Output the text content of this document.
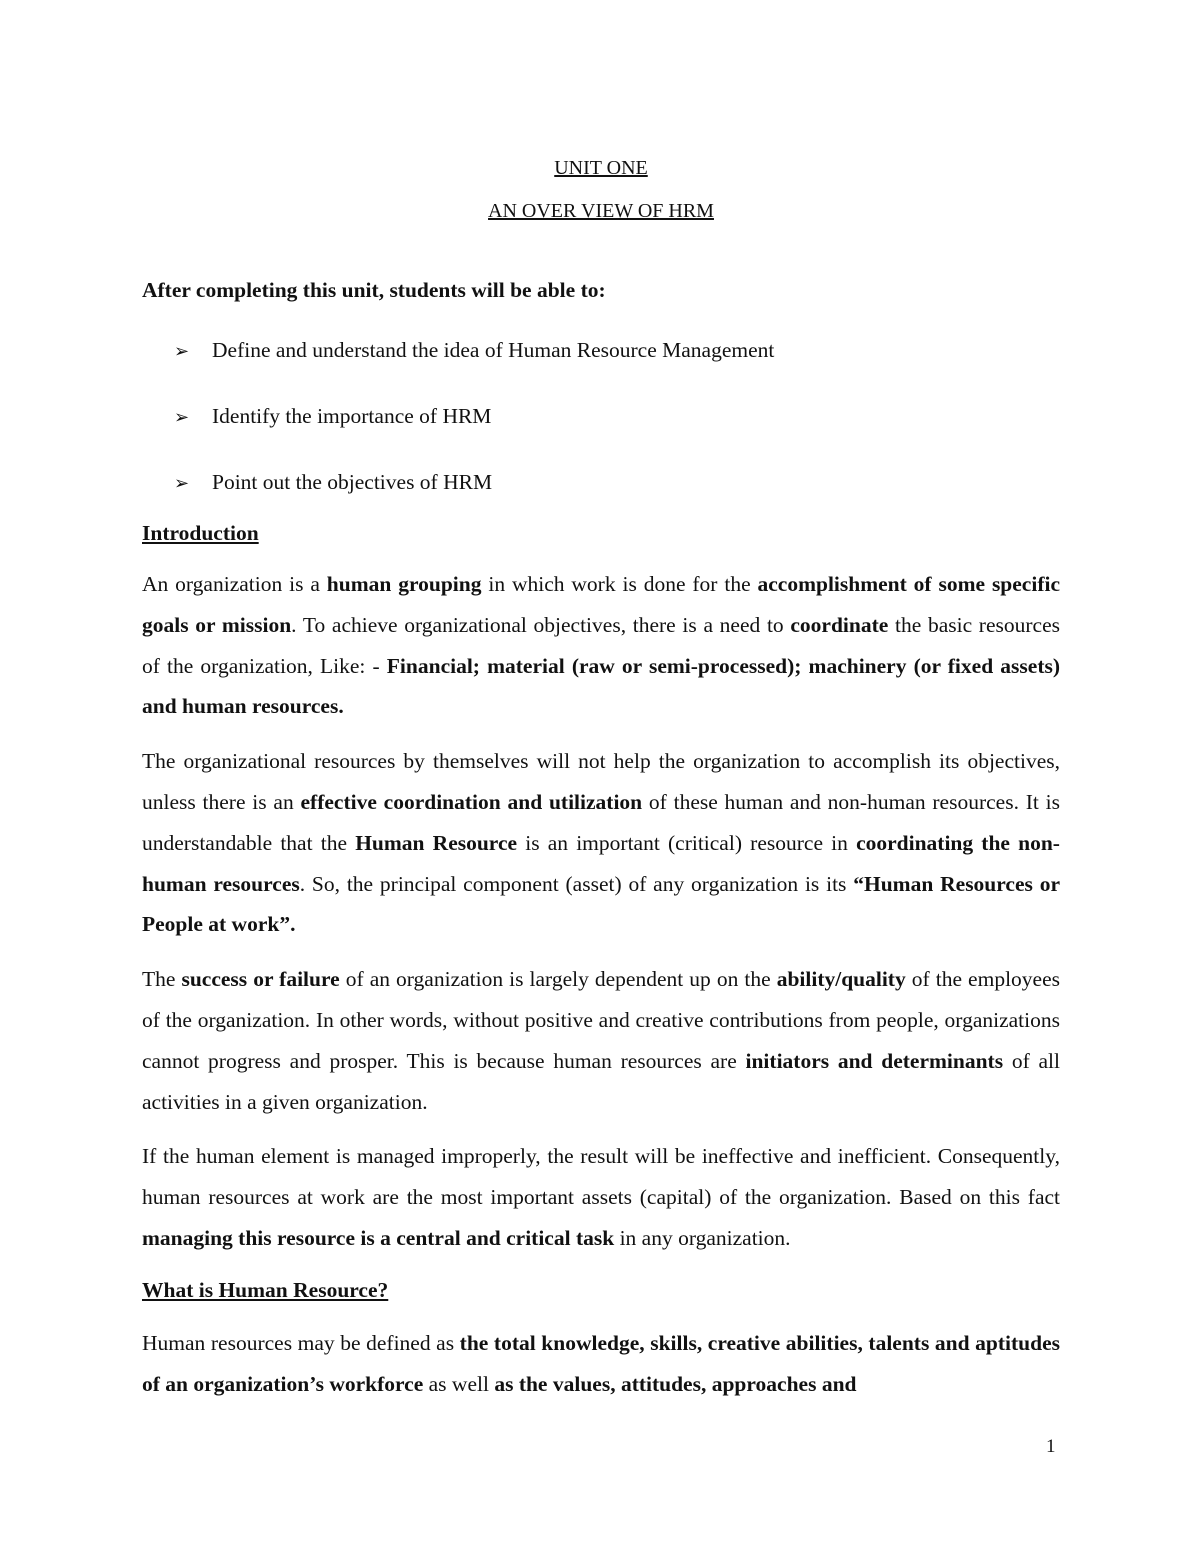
UNIT ONE
AN OVER VIEW OF HRM

After completing this unit, students will be able to:

➢	Define and understand the idea of Human Resource Management
➢	Identify the importance of HRM
➢	Point out the objectives of HRM
Introduction

An organization is a human grouping in which work is done for the accomplishment of some specific goals or mission. To achieve organizational objectives, there is a need to coordinate the basic resources of the organization, Like: - Financial; material (raw or semi-processed); machinery (or fixed assets) and human resources.

The organizational resources by themselves will not help the organization to accomplish its objectives, unless there is an effective coordination and utilization of these human and non-human resources. It is understandable that the Human Resource is an important (critical) resource in coordinating the non-human resources. So, the principal component (asset) of any organization is its “Human Resources or People at work”.

The success or failure of an organization is largely dependent up on the ability/quality of the employees of the organization. In other words, without positive and creative contributions from people, organizations cannot progress and prosper. This is because human resources are initiators and determinants of all activities in a given organization.

If the human element is managed improperly, the result will be ineffective and inefficient. Consequently, human resources at work are the most important assets (capital) of the organization. Based on this fact managing this resource is a central and critical task in any organization.

What is Human Resource?

Human resources may be defined as the total knowledge, skills, creative abilities, talents and aptitudes of an organization’s workforce as well as the values, attitudes, approaches and

1
